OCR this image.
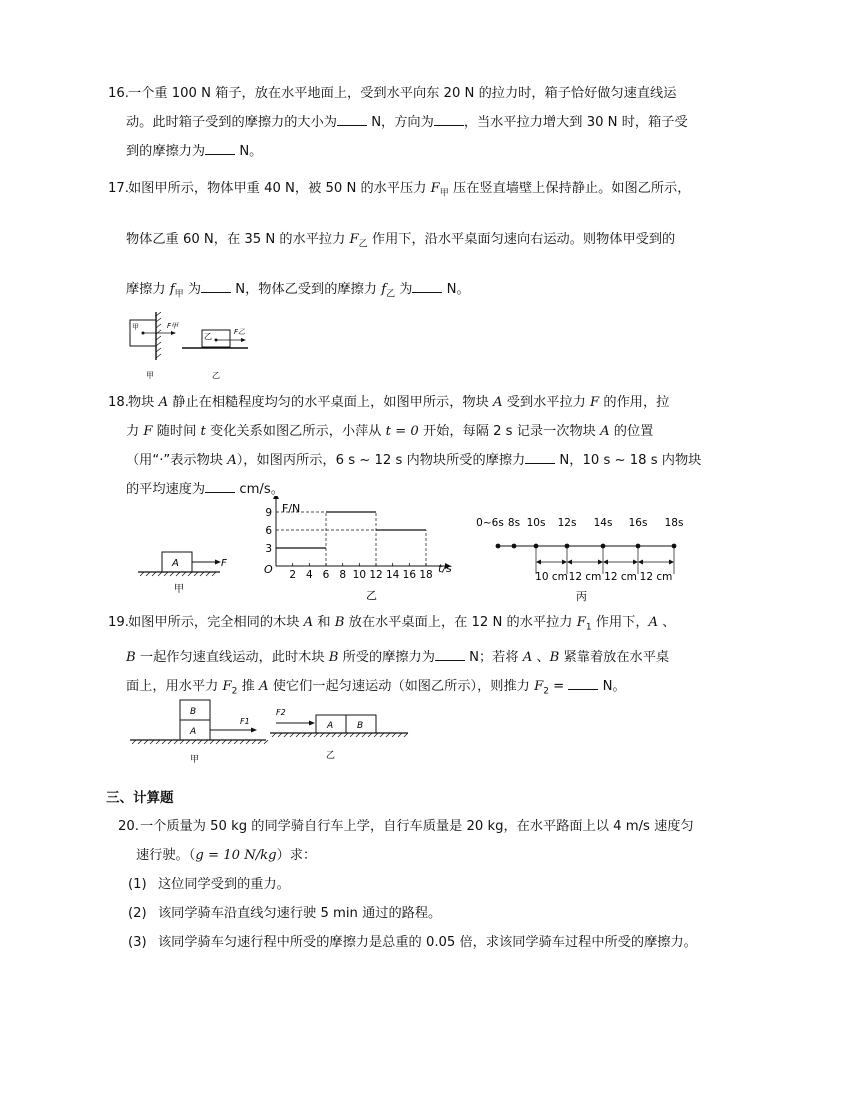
16. 一个重 100 N 箱子，放在水平地面上，受到水平向东 20 N 的拉力时，箱子恰好做匀速直线运
动。此时箱子受到的摩擦力的大小为 N，方向为 ，当水平拉力增大到 30 N 时，箱子受
到的摩擦力为 N。
17. 如图甲所示，物体甲重 40 N，被 50 N 的水平压力 $F_甲$ 压在竖直墙壁上保持静止。如图乙所示，
物体乙重 60 N，在 35 N 的水平拉力 $F_乙$ 作用下，沿水平桌面匀速向右运动。则物体甲受到的
摩擦力 $f_甲$ 为 N，物体乙受到的摩擦力 $f_乙$ 为 N。
甲	F甲
乙	F乙
甲	乙
18. 物块 A 静止在相糙程度均匀的水平桌面上，如图甲所示，物块 A 受到水平拉力 F 的作用，拉
力 F 随时间 t 变化关系如图乙所示，小萍从 t = 0 开始，每隔 2 s 记录一次物块 A 的位置
（用“·”表示物块 A），如图丙所示，6 s ~ 12 s 内物块所受的摩擦力 N，10 s ~ 18 s 内物块
的平均速度为 cm/s。
A	F
甲
2 4 6 8 10 12 14 16 18
3
6
9 F/N
t/s
O
乙
0~6s 8s 10s 12s 14s 16s 18s
10 cm 12 cm 12 cm 12 cm
丙
19. 如图甲所示，完全相同的木块 A 和 B 放在水平桌面上，在 12 N 的水平拉力 $F_1$ 作用下，A 、
B 一起作匀速直线运动，此时木块 B 所受的摩擦力为 N；若将 A 、B 紧靠着放在水平桌
面上，用水平力 $F_2$ 推 A 使它们一起匀速运动（如图乙所示），则推力 $F_2 = N$。
B
A
F1
甲
A	B
F2
乙
三、计算题
20. 一个质量为 50 kg 的同学骑自行车上学，自行车质量是 20 kg，在水平路面上以 4 m/s 速度匀
速行驶。（g = 10 N/kg）求：
(1) 这位同学受到的重力。
(2) 该同学骑车沿直线匀速行驶 5 min 通过的路程。
(3) 该同学骑车匀速行程中所受的摩擦力是总重的 0.05 倍，求该同学骑车过程中所受的摩擦力。
